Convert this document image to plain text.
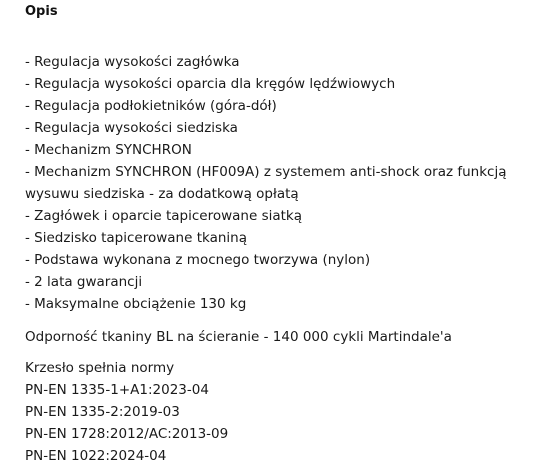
Opis
- Regulacja wysokości zagłówka
- Regulacja wysokości oparcia dla kręgów lędźwiowych
- Regulacja podłokietników (góra-dół)
- Regulacja wysokości siedziska
- Mechanizm SYNCHRON
- Mechanizm SYNCHRON (HF009A) z systemem anti-shock oraz funkcją wysuwu siedziska - za dodatkową opłatą
- Zagłówek i oparcie tapicerowane siatką
- Siedzisko tapicerowane tkaniną
- Podstawa wykonana z mocnego tworzywa (nylon)
- 2 lata gwarancji
- Maksymalne obciążenie 130 kg
Odporność tkaniny BL na ścieranie - 140 000 cykli Martindale'a
Krzesło spełnia normy
PN-EN 1335-1+A1:2023-04
PN-EN 1335-2:2019-03
PN-EN 1728:2012/AC:2013-09
PN-EN 1022:2024-04
